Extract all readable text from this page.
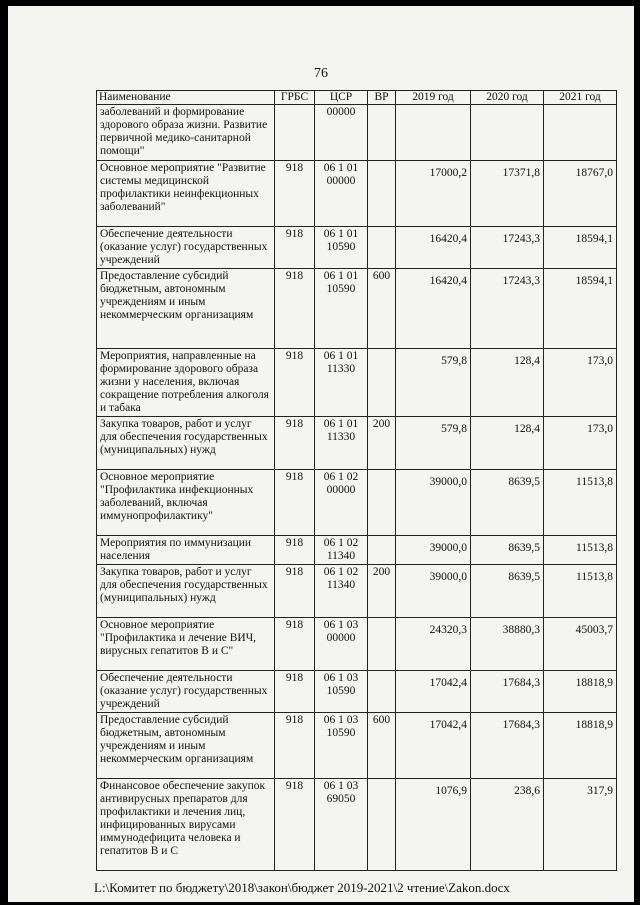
76
Наименование	ГРБС	ЦСР	ВР	2019 год	2020 год	2021 год
заболеваний и формирование здорового образа жизни. Развитие первичной медико-санитарной помощи"		00000				
Основное мероприятие "Развитие системы медицинской профилактики неинфекционных заболеваний"	918	06 1 01 00000		17000,2	17371,8	18767,0
Обеспечение деятельности (оказание услуг) государственных учреждений	918	06 1 01 10590		16420,4	17243,3	18594,1
Предоставление субсидий бюджетным, автономным учреждениям и иным некоммерческим организациям	918	06 1 01 10590	600	16420,4	17243,3	18594,1
Мероприятия, направленные на формирование здорового образа жизни у населения, включая сокращение потребления алкоголя и табака	918	06 1 01 11330		579,8	128,4	173,0
Закупка товаров, работ и услуг для обеспечения государственных (муниципальных) нужд	918	06 1 01 11330	200	579,8	128,4	173,0
Основное мероприятие "Профилактика инфекционных заболеваний, включая иммунопрофилактику"	918	06 1 02 00000		39000,0	8639,5	11513,8
Мероприятия по иммунизации населения	918	06 1 02 11340		39000,0	8639,5	11513,8
Закупка товаров, работ и услуг для обеспечения государственных (муниципальных) нужд	918	06 1 02 11340	200	39000,0	8639,5	11513,8
Основное мероприятие "Профилактика и лечение ВИЧ, вирусных гепатитов В и С"	918	06 1 03 00000		24320,3	38880,3	45003,7
Обеспечение деятельности (оказание услуг) государственных учреждений	918	06 1 03 10590		17042,4	17684,3	18818,9
Предоставление субсидий бюджетным, автономным учреждениям и иным некоммерческим организациям	918	06 1 03 10590	600	17042,4	17684,3	18818,9
Финансовое обеспечение закупок антивирусных препаратов для профилактики и лечения лиц, инфицированных вирусами иммунодефицита человека и гепатитов В и С	918	06 1 03 69050		1076,9	238,6	317,9
L:\Комитет по бюджету\2018\закон\бюджет 2019-2021\2 чтение\Zakon.docx
